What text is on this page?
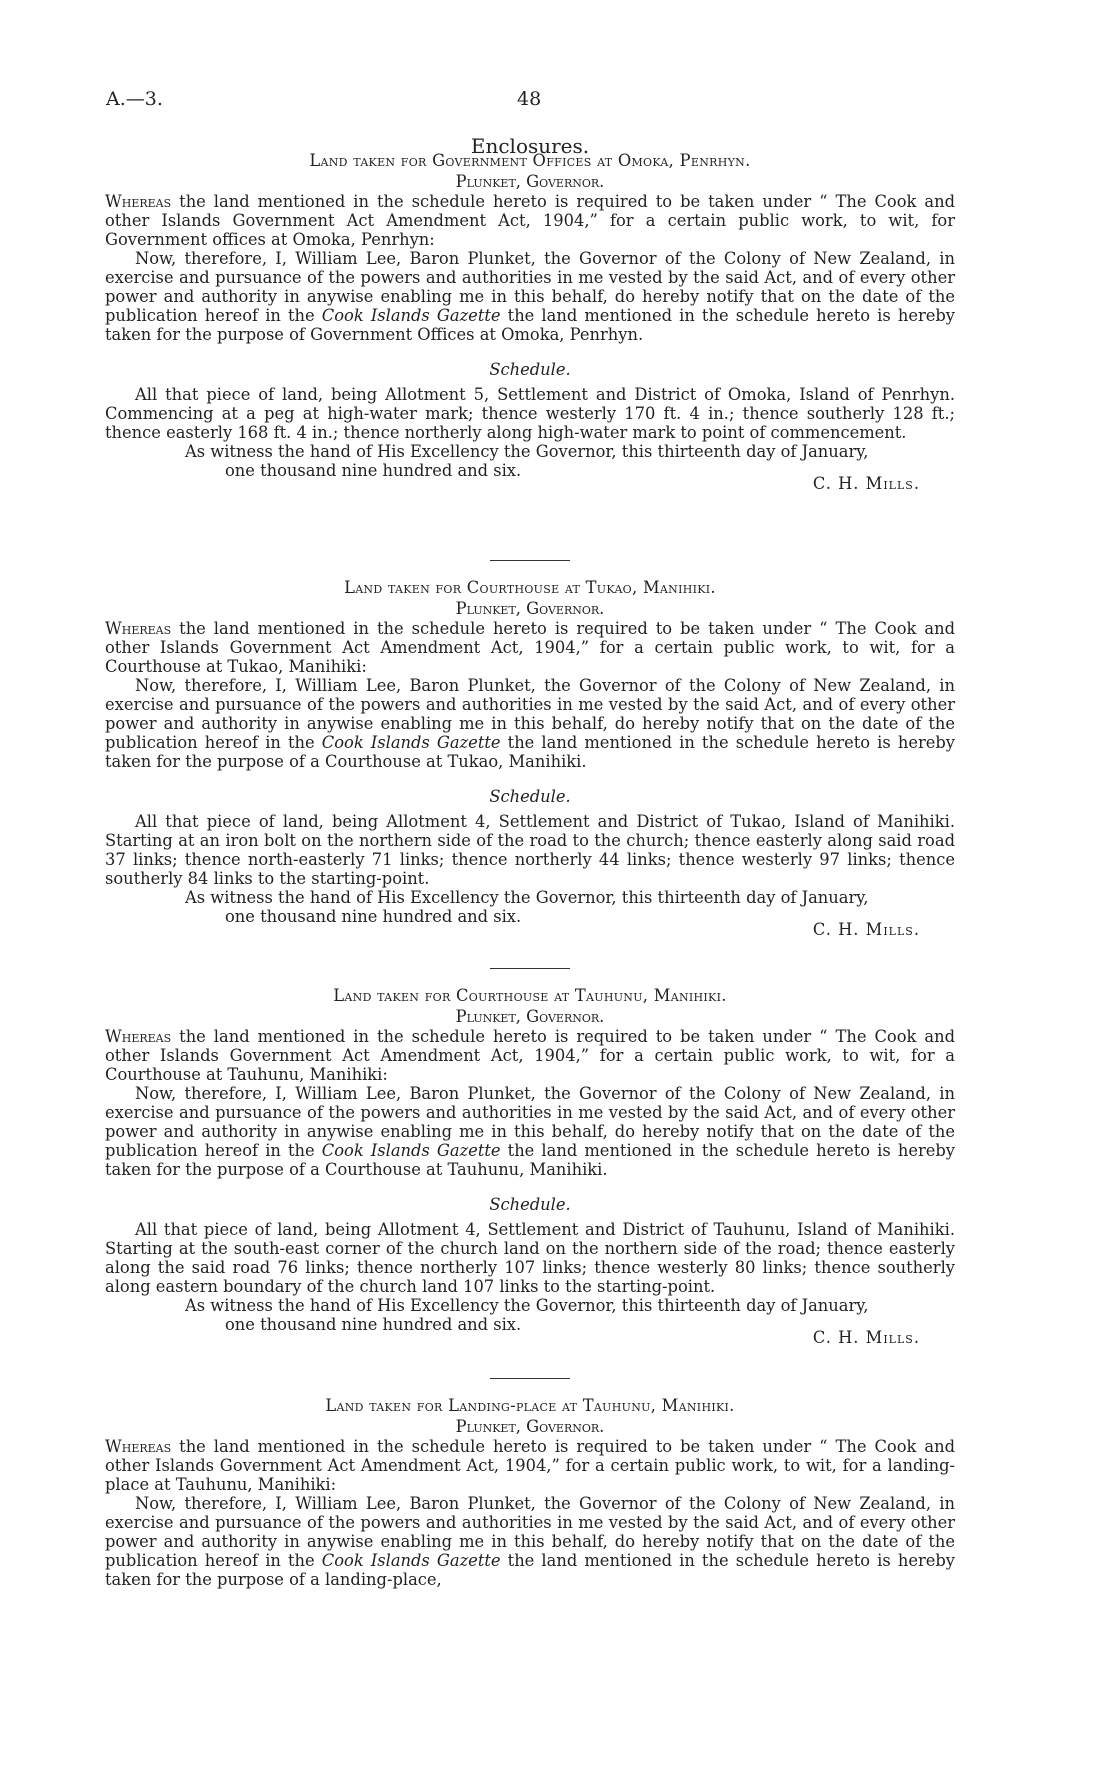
A.—3.	48
Enclosures.
Land taken for Government Offices at Omoka, Penrhyn.
Plunket, Governor.

Whereas the land mentioned in the schedule hereto is required to be taken under “ The Cook and other Islands Government Act Amendment Act, 1904,” for a certain public work, to wit, for Government offices at Omoka, Penrhyn:

Now, therefore, I, William Lee, Baron Plunket, the Governor of the Colony of New Zealand, in exercise and pursuance of the powers and authorities in me vested by the said Act, and of every other power and authority in anywise enabling me in this behalf, do hereby notify that on the date of the publication hereof in the Cook Islands Gazette the land mentioned in the schedule hereto is hereby taken for the purpose of Government Offices at Omoka, Penrhyn.

Schedule.

All that piece of land, being Allotment 5, Settlement and District of Omoka, Island of Penrhyn. Commencing at a peg at high-water mark; thence westerly 170 ft. 4 in.; thence southerly 128 ft.; thence easterly 168 ft. 4 in.; thence northerly along high-water mark to point of commencement.

As witness the hand of His Excellency the Governor, this thirteenth day of January,
one thousand nine hundred and six.
C. H. Mills.
Land taken for Courthouse at Tukao, Manihiki.
Plunket, Governor.

Whereas the land mentioned in the schedule hereto is required to be taken under “ The Cook and other Islands Government Act Amendment Act, 1904,” for a certain public work, to wit, for a Courthouse at Tukao, Manihiki:

Now, therefore, I, William Lee, Baron Plunket, the Governor of the Colony of New Zealand, in exercise and pursuance of the powers and authorities in me vested by the said Act, and of every other power and authority in anywise enabling me in this behalf, do hereby notify that on the date of the publication hereof in the Cook Islands Gazette the land mentioned in the schedule hereto is hereby taken for the purpose of a Courthouse at Tukao, Manihiki.

Schedule.

All that piece of land, being Allotment 4, Settlement and District of Tukao, Island of Manihiki. Starting at an iron bolt on the northern side of the road to the church; thence easterly along said road 37 links; thence north-easterly 71 links; thence northerly 44 links; thence westerly 97 links; thence southerly 84 links to the starting-point.

As witness the hand of His Excellency the Governor, this thirteenth day of January,
one thousand nine hundred and six.
C. H. Mills.
Land taken for Courthouse at Tauhunu, Manihiki.
Plunket, Governor.

Whereas the land mentioned in the schedule hereto is required to be taken under “ The Cook and other Islands Government Act Amendment Act, 1904,” for a certain public work, to wit, for a Courthouse at Tauhunu, Manihiki:

Now, therefore, I, William Lee, Baron Plunket, the Governor of the Colony of New Zealand, in exercise and pursuance of the powers and authorities in me vested by the said Act, and of every other power and authority in anywise enabling me in this behalf, do hereby notify that on the date of the publication hereof in the Cook Islands Gazette the land mentioned in the schedule hereto is hereby taken for the purpose of a Courthouse at Tauhunu, Manihiki.

Schedule.

All that piece of land, being Allotment 4, Settlement and District of Tauhunu, Island of Manihiki. Starting at the south-east corner of the church land on the northern side of the road; thence easterly along the said road 76 links; thence northerly 107 links; thence westerly 80 links; thence southerly along eastern boundary of the church land 107 links to the starting-point.

As witness the hand of His Excellency the Governor, this thirteenth day of January,
one thousand nine hundred and six.
C. H. Mills.
Land taken for Landing-place at Tauhunu, Manihiki.
Plunket, Governor.

Whereas the land mentioned in the schedule hereto is required to be taken under “ The Cook and other Islands Government Act Amendment Act, 1904,” for a certain public work, to wit, for a landing-place at Tauhunu, Manihiki:

Now, therefore, I, William Lee, Baron Plunket, the Governor of the Colony of New Zealand, in exercise and pursuance of the powers and authorities in me vested by the said Act, and of every other power and authority in anywise enabling me in this behalf, do hereby notify that on the date of the publication hereof in the Cook Islands Gazette the land mentioned in the schedule hereto is hereby taken for the purpose of a landing-place,
